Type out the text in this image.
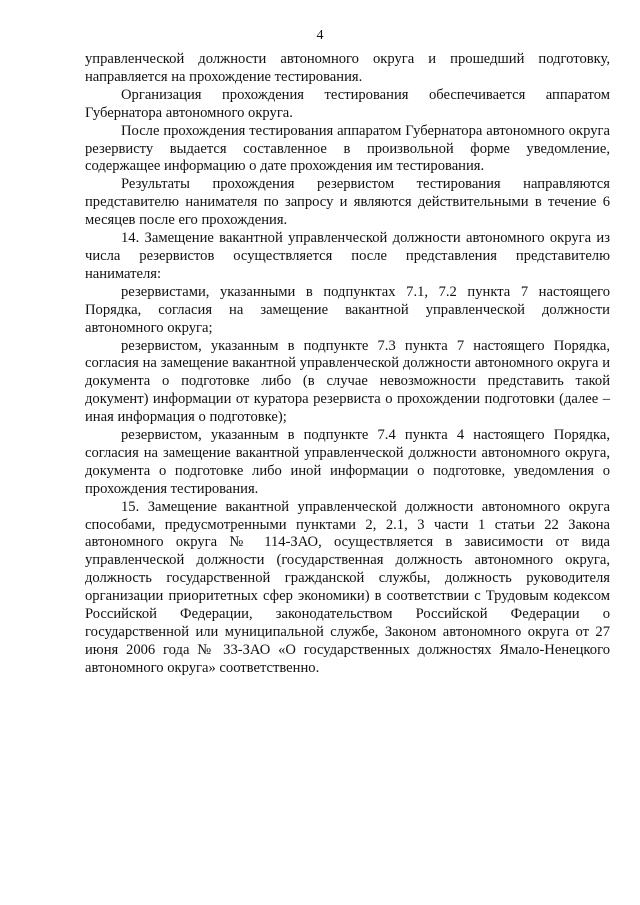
4

управленческой должности автономного округа и прошедший подготовку, направляется на прохождение тестирования.

Организация прохождения тестирования обеспечивается аппаратом Губернатора автономного округа.

После прохождения тестирования аппаратом Губернатора автономного округа резервисту выдается составленное в произвольной форме уведомление, содержащее информацию о дате прохождения им тестирования.

Результаты прохождения резервистом тестирования направляются представителю нанимателя по запросу и являются действительными в течение 6 месяцев после его прохождения.

14. Замещение вакантной управленческой должности автономного округа из числа резервистов осуществляется после представления представителю нанимателя:

резервистами, указанными в подпунктах 7.1, 7.2 пункта 7 настоящего Порядка, согласия на замещение вакантной управленческой должности автономного округа;

резервистом, указанным в подпункте 7.3 пункта 7 настоящего Порядка, согласия на замещение вакантной управленческой должности автономного округа и документа о подготовке либо (в случае невозможности представить такой документ) информации от куратора резервиста о прохождении подготовки (далее – иная информация о подготовке);

резервистом, указанным в подпункте 7.4 пункта 4 настоящего Порядка, согласия на замещение вакантной управленческой должности автономного округа, документа о подготовке либо иной информации о подготовке, уведомления о прохождения тестирования.

15. Замещение вакантной управленческой должности автономного округа способами, предусмотренными пунктами 2, 2.1, 3 части 1 статьи 22 Закона автономного округа № 114-ЗАО, осуществляется в зависимости от вида управленческой должности (государственная должность автономного округа, должность государственной гражданской службы, должность руководителя организации приоритетных сфер экономики) в соответствии с Трудовым кодексом Российской Федерации, законодательством Российской Федерации о государственной или муниципальной службе, Законом автономного округа от 27 июня 2006 года № 33-ЗАО «О государственных должностях Ямало-Ненецкого автономного округа» соответственно.
